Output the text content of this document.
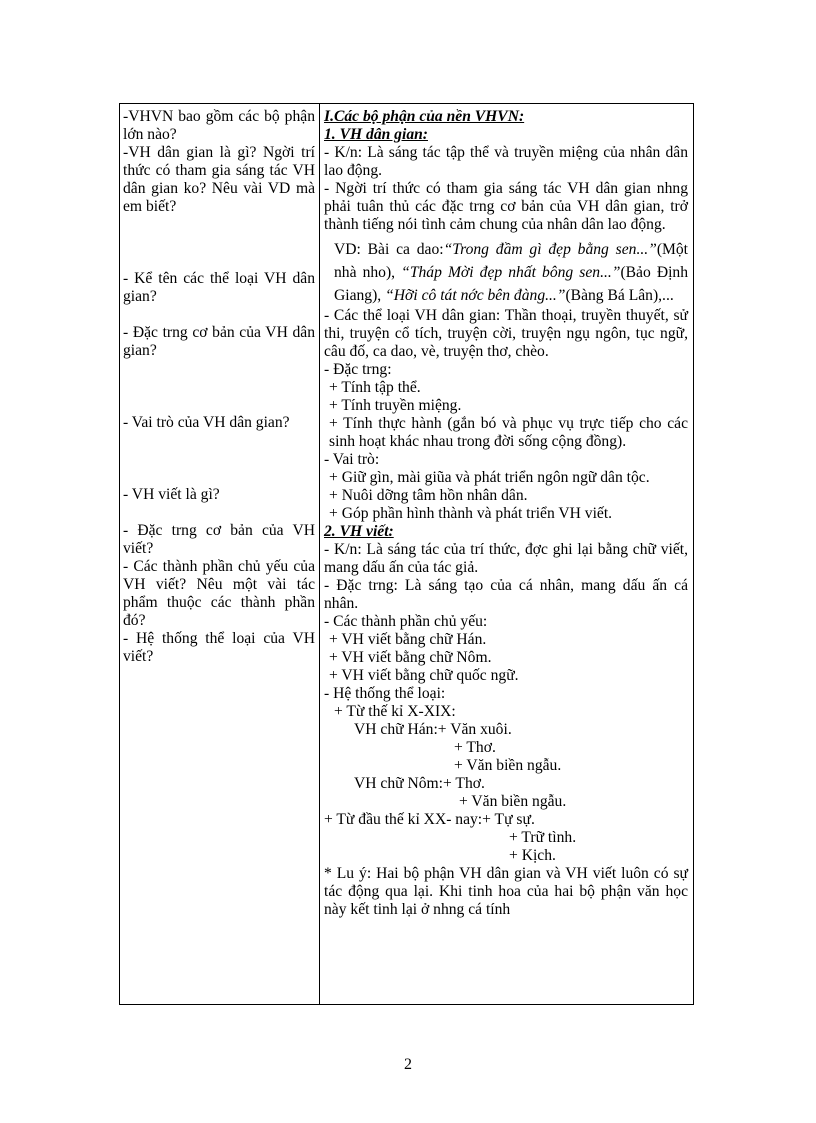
-VHVN bao gồm các bộ phận lớn nào?

-VH dân gian là gì? Ngời trí thức có tham gia sáng tác VH dân gian ko? Nêu vài VD mà em biết?

- Kể tên các thể loại VH dân gian?

- Đặc trng cơ bản của VH dân gian?

- Vai trò của VH dân gian?

- VH viết là gì?

- Đặc trng cơ bản của VH viết?

- Các thành phần chủ yếu của VH viết? Nêu một vài tác phẩm thuộc các thành phần đó?

- Hệ thống thể loại của VH viết?

I.Các bộ phận của nền VHVN:

1. VH dân gian:

- K/n: Là sáng tác tập thể và truyền miệng của nhân dân lao động.

- Ngời trí thức có tham gia sáng tác VH dân gian nhng phải tuân thủ các đặc trng cơ bản của VH dân gian, trở thành tiếng nói tình cảm chung của nhân dân lao động.

VD: Bài ca dao:“Trong đầm gì đẹp bằng sen...”(Một nhà nho), “Tháp Mời đẹp nhất bông sen...”(Bảo Định Giang), “Hỡi cô tát nớc bên đàng...”(Bàng Bá Lân),...

- Các thể loại VH dân gian: Thần thoại, truyền thuyết, sử thi, truyện cổ tích, truyện cời, truyện ngụ ngôn, tục ngữ, câu đố, ca dao, vè, truyện thơ, chèo.

- Đặc trng:

+ Tính tập thể.

+ Tính truyền miệng.

+ Tính thực hành (gắn bó và phục vụ trực tiếp cho các sinh hoạt khác nhau trong đời sống cộng đồng).

- Vai trò:

+ Giữ gìn, mài giũa và phát triển ngôn ngữ dân tộc.

+ Nuôi dỡng tâm hồn nhân dân.

+ Góp phần hình thành và phát triển VH viết.

2. VH viết:

- K/n: Là sáng tác của trí thức, đợc ghi lại bằng chữ viết, mang dấu ấn của tác giả.

- Đặc trng: Là sáng tạo của cá nhân, mang dấu ấn cá nhân.

- Các thành phần chủ yếu:

+ VH viết bằng chữ Hán.

+ VH viết bằng chữ Nôm.

+ VH viết bằng chữ quốc ngữ.

- Hệ thống thể loại:

+ Từ thế kỉ X-XIX:

VH chữ Hán:+ Văn xuôi.

+ Thơ.

+ Văn biền ngẫu.

VH chữ Nôm:+ Thơ.

+ Văn biền ngẫu.

+ Từ đầu thế kỉ XX- nay:+ Tự sự.

+ Trữ tình.

+ Kịch.

* Lu ý: Hai bộ phận VH dân gian và VH viết luôn có sự tác động qua lại. Khi tinh hoa của hai bộ phận văn học này kết tinh lại ở nhng cá tính

2
